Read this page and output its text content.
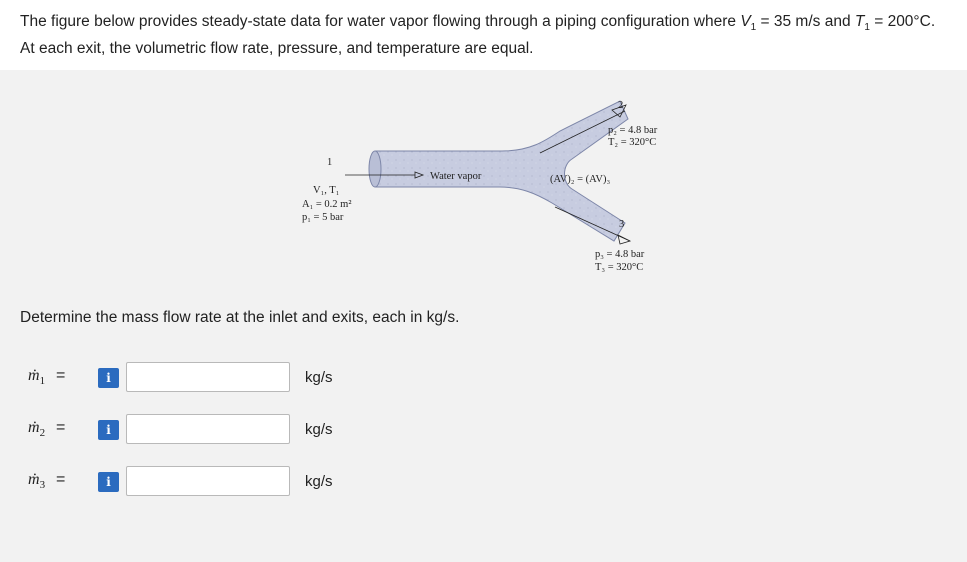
The figure below provides steady-state data for water vapor flowing through a piping configuration where $V_1 = 35$ m/s and $T_1 = 200^\circ C$.
At each exit, the volumetric flow rate, pressure, and temperature are equal.
1
V₁, T₁
A₁ = 0.2 m²
p₁ = 5 bar
Water vapor	(AV)₂ = (AV)₃
2
p₂ = 4.8 bar
T₂ = 320°C
3
p₃ = 4.8 bar
T₃ = 320°C
Determine the mass flow rate at the inlet and exits, each in kg/s.
ṁ$_1$ =	i	kg/s
ṁ$_2$ =	i	kg/s
ṁ$_3$ =	i	kg/s
